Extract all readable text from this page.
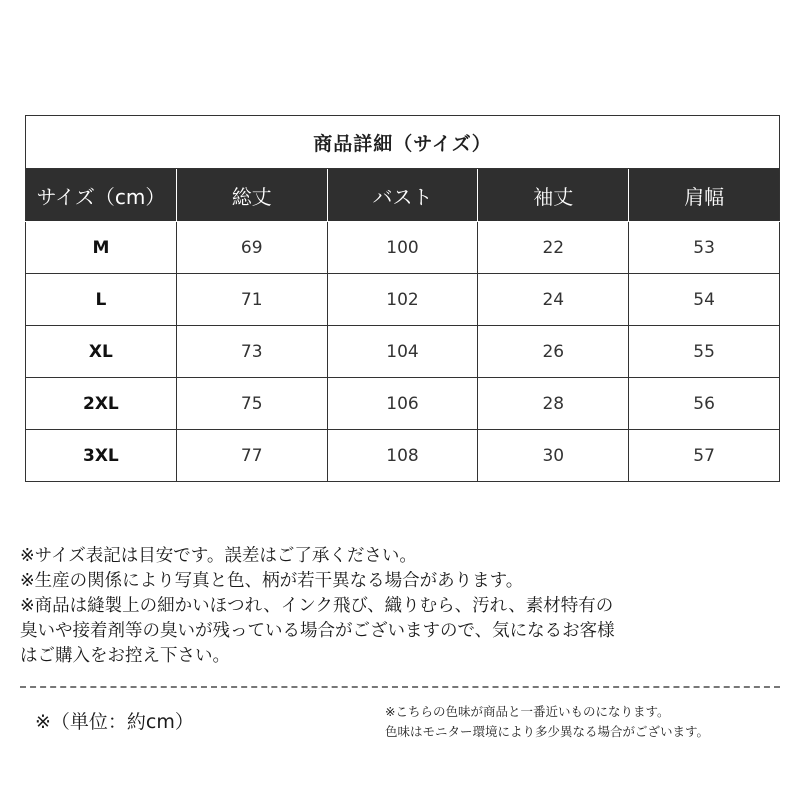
商品詳細（サイズ）				
サイズ（cm）	総丈	バスト	袖丈	肩幅
M	69	100	22	53
L	71	102	24	54
XL	73	104	26	55
2XL	75	106	28	56
3XL	77	108	30	57
※サイズ表記は目安です。誤差はご了承ください。
※生産の関係により写真と色、柄が若干異なる場合があります。
※商品は縫製上の細かいほつれ、インク飛び、織りむら、汚れ、素材特有の
臭いや接着剤等の臭いが残っている場合がございますので、気になるお客様
はご購入をお控え下さい。
※（単位：約cm）	※こちらの色味が商品と一番近いものになります。
色味はモニター環境により多少異なる場合がございます。
